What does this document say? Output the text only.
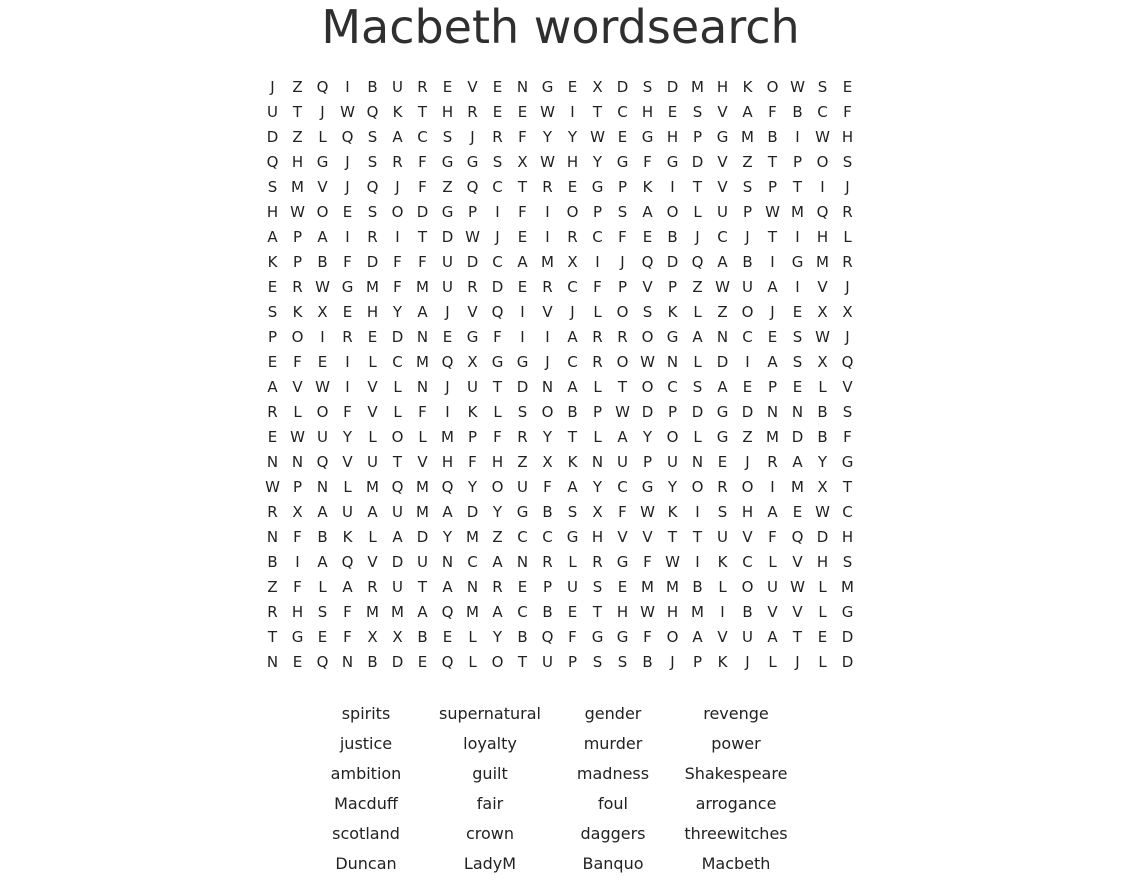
Macbeth wordsearch
J	Z Q	I	B U R	E	V	E N G E	X D S D M H K O W S	E
U T	J	W Q K	T H R	E	E W	I	T	C H E	S	V A	F	B C	F
D Z	L Q S	A C	S	J	R	F	Y	Y W E G H P G M B	I	W H
Q H G	J	S	R	F G G S	X W H Y G F G D V Z	T	P O S
S M V	J	Q	J	F	Z Q C	T	R	E G P	K	I	T	V	S	P	T	I	J
H W O E	S O D G P	I	F	I	O P	S	A O L	U P W M Q R
A	P	A	I	R	I	T D W	J	E	I	R C	F	E	B	J	C	J	T	I	H	L
K	P	B	F D F	F	U D C A M X	I	J	Q D Q A B	I	G M R
E	R W G M F M U R D E	R C	F	P	V	P	Z W U A	I	V	J
S	K X	E H Y	A	J	V Q	I	V	J	L O S	K	L	Z O	J	E	X X
P O	I	R	E D N E G F	I	I	A R R O G A N C	E	S W	J
E	F	E	I	L	C M Q X G G	J	C R O W N	L	D	I	A	S	X Q
A V W	I	V	L	N	J	U T D N A	L	T O C	S	A	E	P	E	L	V
R	L O F	V	L	F	I	K	L	S O B	P W D P D G D N N B	S
E W U Y	L O L M P	F	R	Y	T	L	A	Y O L	G Z M D B	F
N N Q V U T	V H	F	H Z X K N U P U N E	J	R A	Y G
W P N	L M Q M Q Y O U	F	A	Y	C G Y O R O	I	M X	T
R X A U A U M A D Y G B	S	X	F W K	I	S H A	E W C
N	F	B K	L	A D Y M Z C C G H V V	T	T U V	F Q D H
B	I	A Q V D U N C A N R	L	R G F W	I	K C	L	V H S
Z	F	L	A R U T	A N R	E	P U S	E M M B	L O U W L M
R H S	F M M A Q M A C B	E	T H W H M	I	B V V	L	G
T G E	F	X X B	E	L	Y	B Q F G G F O A V U A	T	E D
N E Q N B D E Q L O T U P	S	S	B	J	P	K	J	L	J	L	D
spirits	supernatural	gender	revenge
justice	loyalty	murder	power
ambition	guilt	madness	Shakespeare
Macduff	fair	foul	arrogance
scotland	crown	daggers	threewitches
Duncan	LadyM	Banquo	Macbeth
